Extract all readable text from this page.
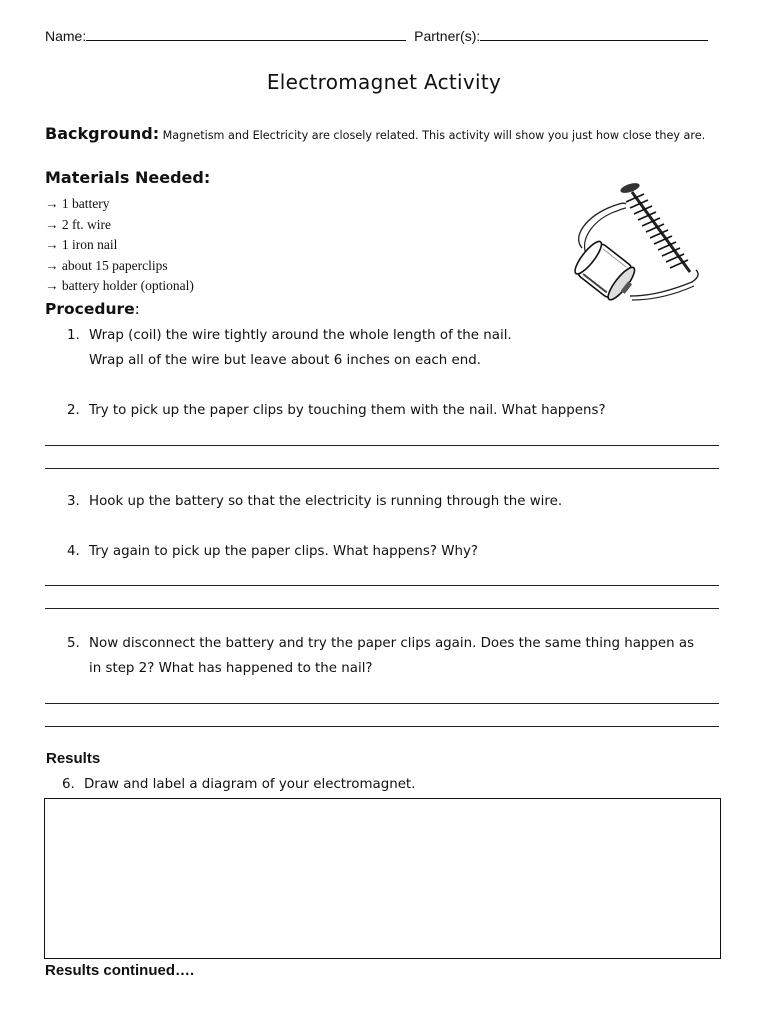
Name:	Partner(s):
Electromagnet Activity
Background: Magnetism and Electricity are closely related. This activity will show you just how close they are.
Materials Needed:
→ 1 battery
→ 2 ft. wire
→ 1 iron nail
→ about 15 paperclips
→ battery holder (optional)
Procedure:
1. Wrap (coil) the wire tightly around the whole length of the nail.
Wrap all of the wire but leave about 6 inches on each end.
2. Try to pick up the paper clips by touching them with the nail. What happens?
3. Hook up the battery so that the electricity is running through the wire.
4. Try again to pick up the paper clips. What happens? Why?
5. Now disconnect the battery and try the paper clips again. Does the same thing happen as
in step 2? What has happened to the nail?
Results
6. Draw and label a diagram of your electromagnet.
Results continued….
